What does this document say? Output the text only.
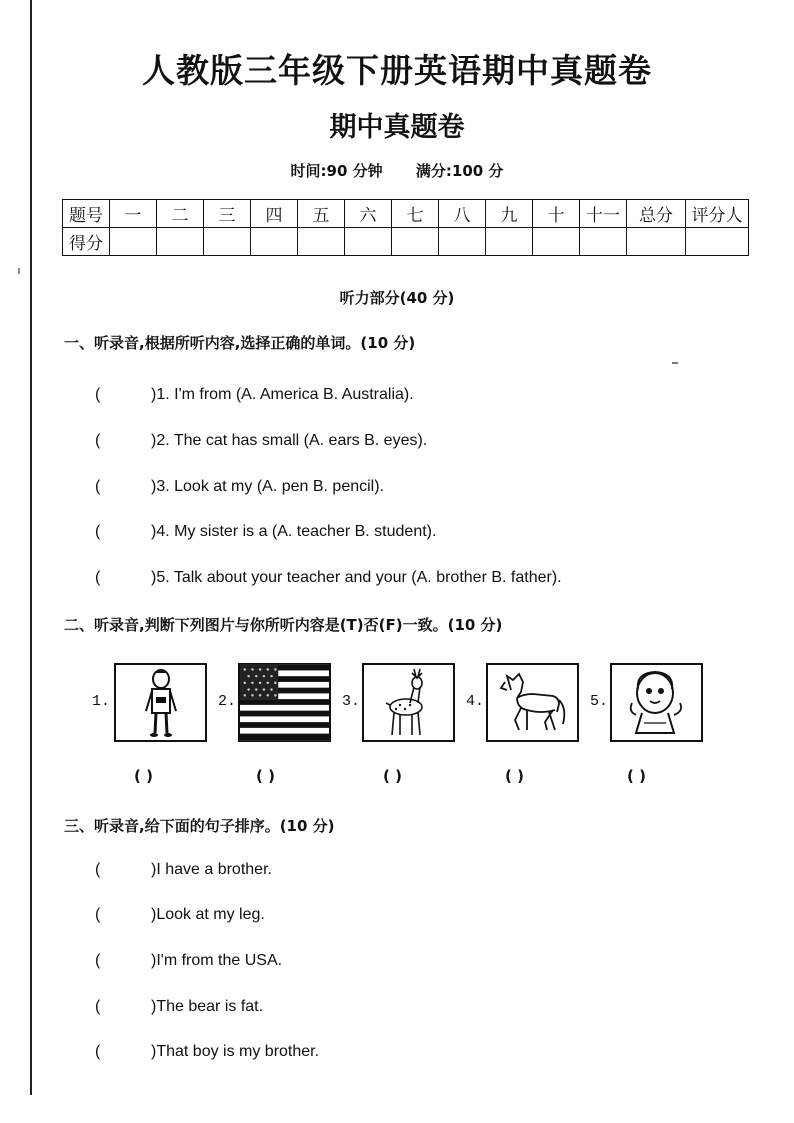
人教版三年级下册英语期中真题卷
期中真题卷
时间:90 分钟 满分:100 分
题号	一	二	三	四	五	六	七	八	九	十	十一	总分	评分人
得分													
听力部分(40 分)
一、听录音,根据所听内容,选择正确的单词。(10 分)
(	)1. I'm from (A. America B. Australia).
(	)2. The cat has small (A. ears B. eyes).
(	)3. Look at my (A. pen B. pencil).
(	)4. My sister is a (A. teacher B. student).
(	)5. Talk about your teacher and your (A. brother B. father).
二、听录音,判断下列图片与你所听内容是(T)否(F)一致。(10 分)
1.	2.	3.	4.	5.
( )	( )	( )	( )	( )
三、听录音,给下面的句子排序。(10 分)
(	)I have a brother.
(	)Look at my leg.
(	)I'm from the USA.
(	)The bear is fat.
(	)That boy is my brother.
